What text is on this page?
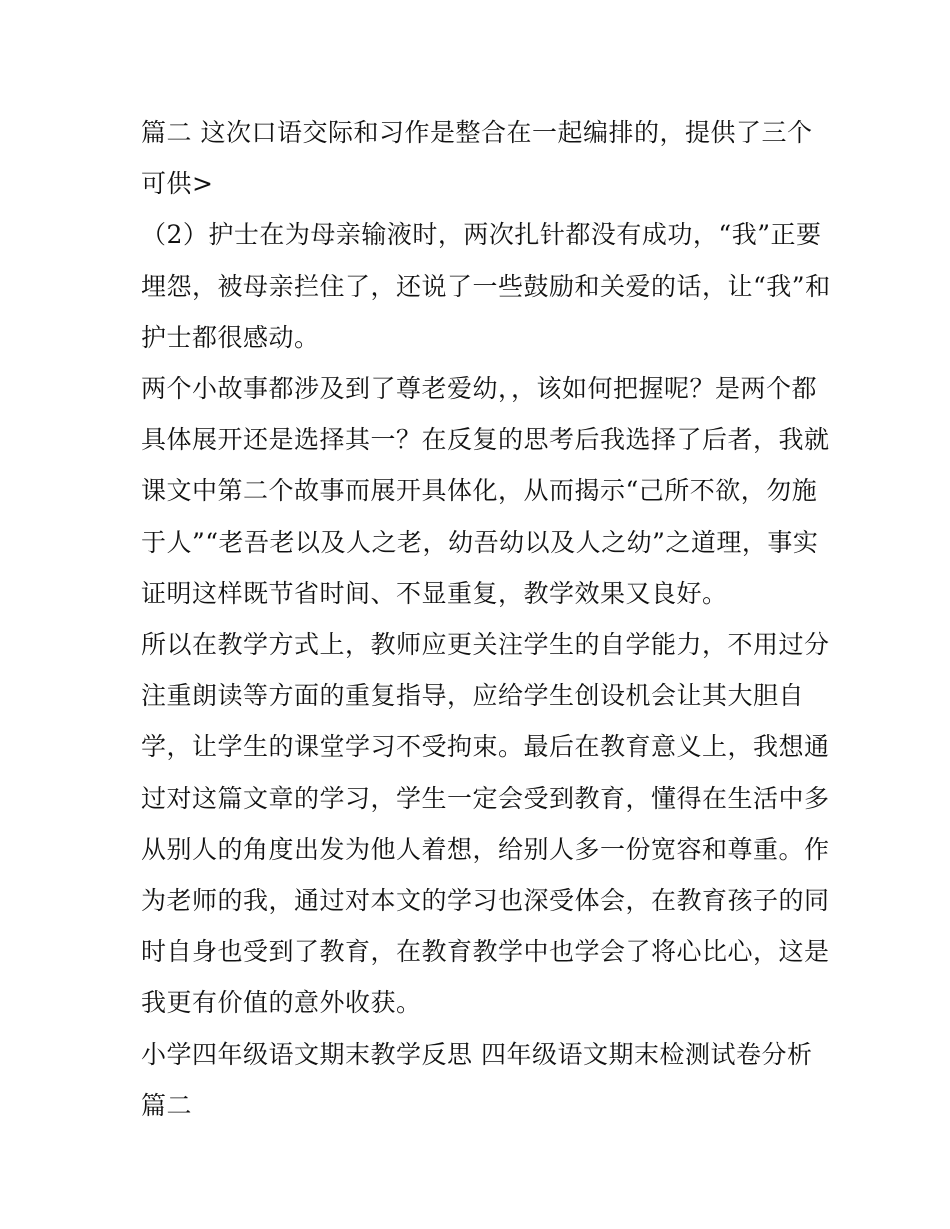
篇二 这次口语交际和习作是整合在一起编排的，提供了三个
可供>

（2）护士在为母亲输液时，两次扎针都没有成功，“我”正要
埋怨，被母亲拦住了，还说了一些鼓励和关爱的话，让“我”和
护士都很感动。

两个小故事都涉及到了尊老爱幼，，该如何把握呢？是两个都
具体展开还是选择其一？在反复的思考后我选择了后者，我就
课文中第二个故事而展开具体化，从而揭示“己所不欲，勿施
于人”“老吾老以及人之老，幼吾幼以及人之幼”之道理，事实
证明这样既节省时间、不显重复，教学效果又良好。

所以在教学方式上，教师应更关注学生的自学能力，不用过分
注重朗读等方面的重复指导，应给学生创设机会让其大胆自
学，让学生的课堂学习不受拘束。最后在教育意义上，我想通
过对这篇文章的学习，学生一定会受到教育，懂得在生活中多
从别人的角度出发为他人着想，给别人多一份宽容和尊重。作
为老师的我，通过对本文的学习也深受体会，在教育孩子的同
时自身也受到了教育，在教育教学中也学会了将心比心，这是
我更有价值的意外收获。

小学四年级语文期末教学反思 四年级语文期末检测试卷分析
篇二
